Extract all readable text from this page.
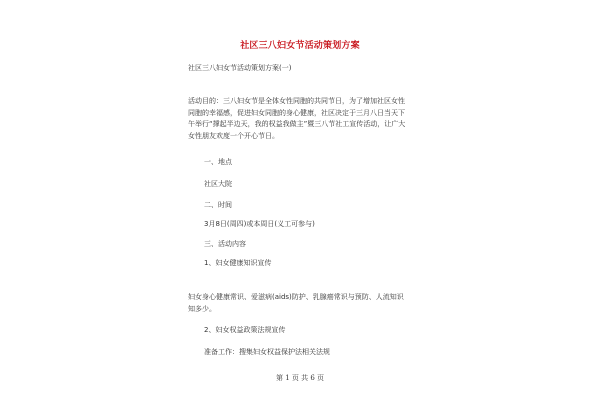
社区三八妇女节活动策划方案
社区三八妇女节活动策划方案(一)
活动目的：三八妇女节是全体女性同胞的共同节日，为了增加社区女性同胞的幸福感，促进妇女同胞的身心健康，社区决定于三月八日当天下午举行“撑起半边天，我的权益我做主”暨三八节社工宣传活动，让广大女性朋友欢度一个开心节日。
一、地点
社区大院
二、时间
3月8日(周四)或本周日(义工可参与)
三、活动内容
1、妇女健康知识宣传
妇女身心健康常识、爱滋病(aids)防护、乳腺癌常识与预防、人流知识知多少。
2、妇女权益政策法规宣传
准备工作：搜集妇女权益保护法相关法规
第 1 页 共 6 页
